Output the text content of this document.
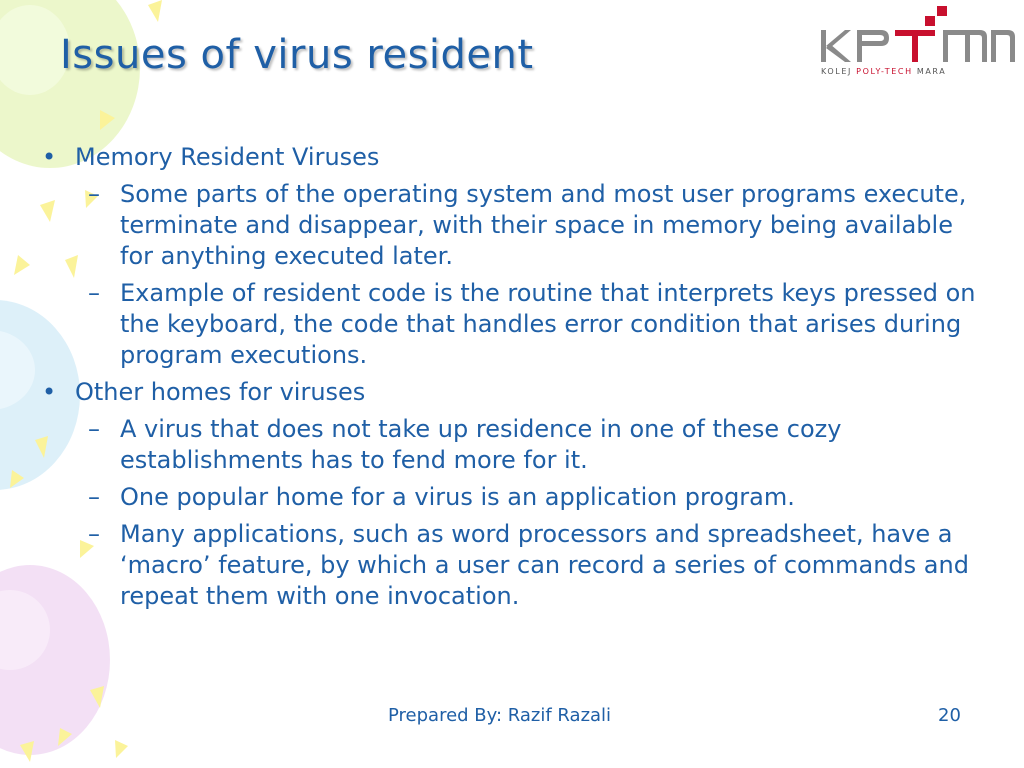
Issues of virus resident	KOLEJ POLY-TECH MARA
• Memory Resident Viruses
– Some parts of the operating system and most user programs execute, terminate and disappear, with their space in memory being available for anything executed later.
– Example of resident code is the routine that interprets keys pressed on the keyboard, the code that handles error condition that arises during program executions.
• Other homes for viruses
– A virus that does not take up residence in one of these cozy establishments has to fend more for it.
– One popular home for a virus is an application program.
– Many applications, such as word processors and spreadsheet, have a ‘macro’ feature, by which a user can record a series of commands and repeat them with one invocation.
Prepared By: Razif Razali	20
